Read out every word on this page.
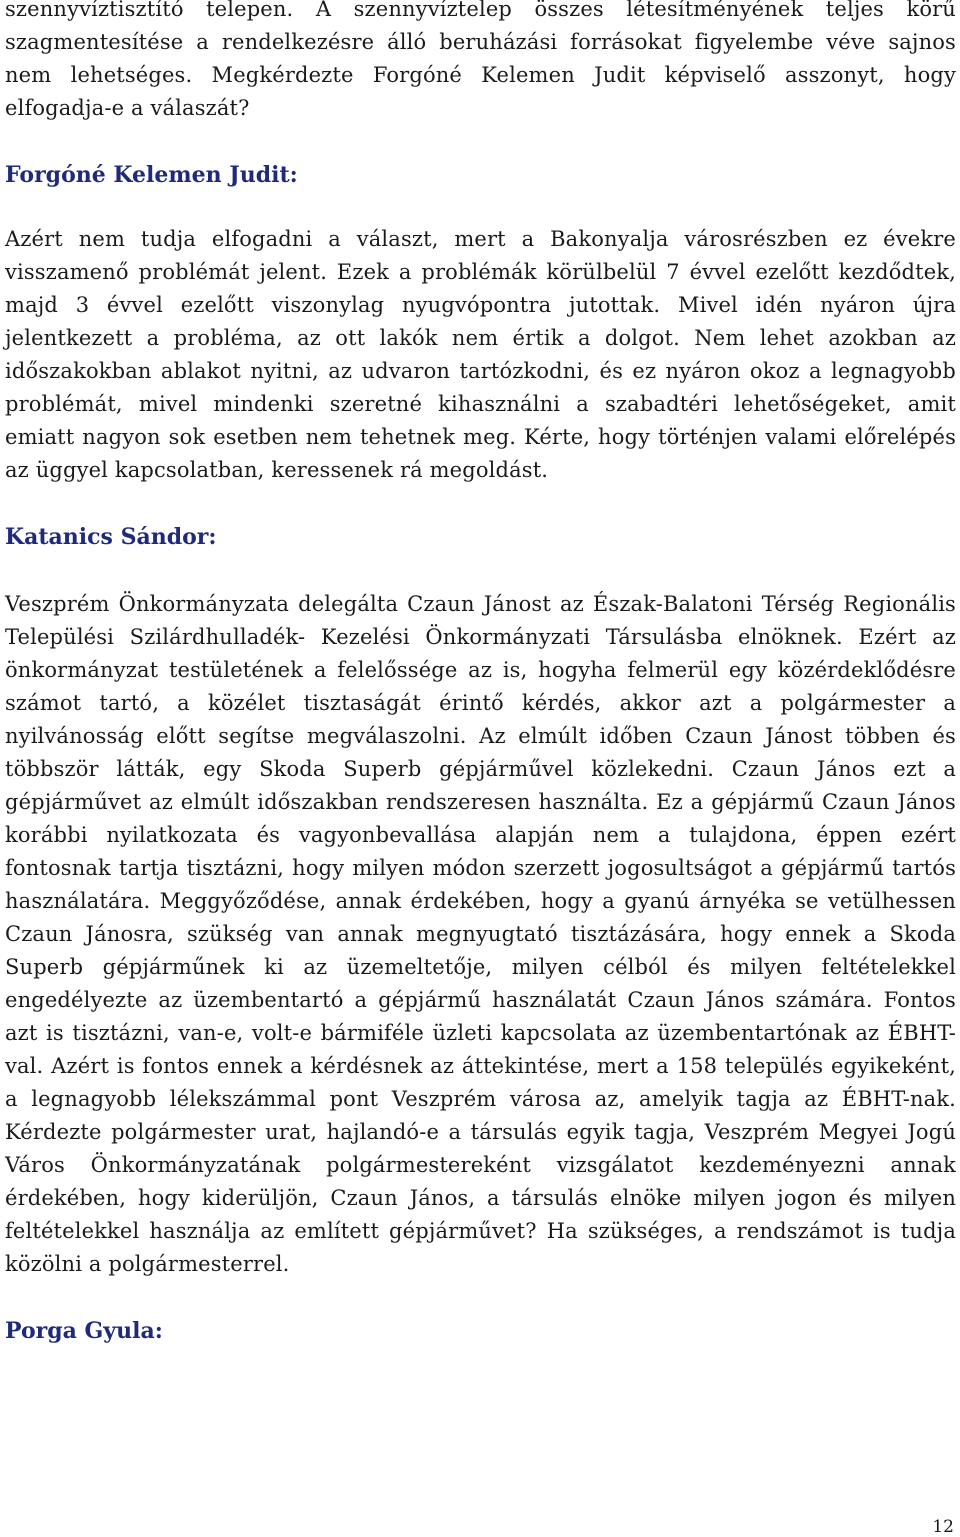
szennyvíztisztító telepen. A szennyvíztelep összes létesítményének teljes körű szagmentesítése a rendelkezésre álló beruházási forrásokat figyelembe véve sajnos nem lehetséges. Megkérdezte Forgóné Kelemen Judit képviselő asszonyt, hogy elfogadja-e a válaszát?

Forgóné Kelemen Judit:

Azért nem tudja elfogadni a választ, mert a Bakonyalja városrészben ez évekre visszamenő problémát jelent. Ezek a problémák körülbelül 7 évvel ezelőtt kezdődtek, majd 3 évvel ezelőtt viszonylag nyugvópontra jutottak. Mivel idén nyáron újra jelentkezett a probléma, az ott lakók nem értik a dolgot. Nem lehet azokban az időszakokban ablakot nyitni, az udvaron tartózkodni, és ez nyáron okoz a legnagyobb problémát, mivel mindenki szeretné kihasználni a szabadtéri lehetőségeket, amit emiatt nagyon sok esetben nem tehetnek meg. Kérte, hogy történjen valami előrelépés az üggyel kapcsolatban, keressenek rá megoldást.

Katanics Sándor:

Veszprém Önkormányzata delegálta Czaun Jánost az Észak-Balatoni Térség Regionális Települési Szilárdhulladék- Kezelési Önkormányzati Társulásba elnöknek. Ezért az önkormányzat testületének a felelőssége az is, hogyha felmerül egy közérdeklődésre számot tartó, a közélet tisztaságát érintő kérdés, akkor azt a polgármester a nyilvánosság előtt segítse megválaszolni. Az elmúlt időben Czaun Jánost többen és többször látták, egy Skoda Superb gépjárművel közlekedni. Czaun János ezt a gépjárművet az elmúlt időszakban rendszeresen használta. Ez a gépjármű Czaun János korábbi nyilatkozata és vagyonbevallása alapján nem a tulajdona, éppen ezért fontosnak tartja tisztázni, hogy milyen módon szerzett jogosultságot a gépjármű tartós használatára. Meggyőződése, annak érdekében, hogy a gyanú árnyéka se vetülhessen Czaun Jánosra, szükség van annak megnyugtató tisztázására, hogy ennek a Skoda Superb gépjárműnek ki az üzemeltetője, milyen célból és milyen feltételekkel engedélyezte az üzembentartó a gépjármű használatát Czaun János számára. Fontos azt is tisztázni, van-e, volt-e bármiféle üzleti kapcsolata az üzembentartónak az ÉBHT-val. Azért is fontos ennek a kérdésnek az áttekintése, mert a 158 település egyikeként, a legnagyobb lélekszámmal pont Veszprém városa az, amelyik tagja az ÉBHT-nak. Kérdezte polgármester urat, hajlandó-e a társulás egyik tagja, Veszprém Megyei Jogú Város Önkormányzatának polgármestereként vizsgálatot kezdeményezni annak érdekében, hogy kiderüljön, Czaun János, a társulás elnöke milyen jogon és milyen feltételekkel használja az említett gépjárművet? Ha szükséges, a rendszámot is tudja közölni a polgármesterrel.

Porga Gyula:
12
